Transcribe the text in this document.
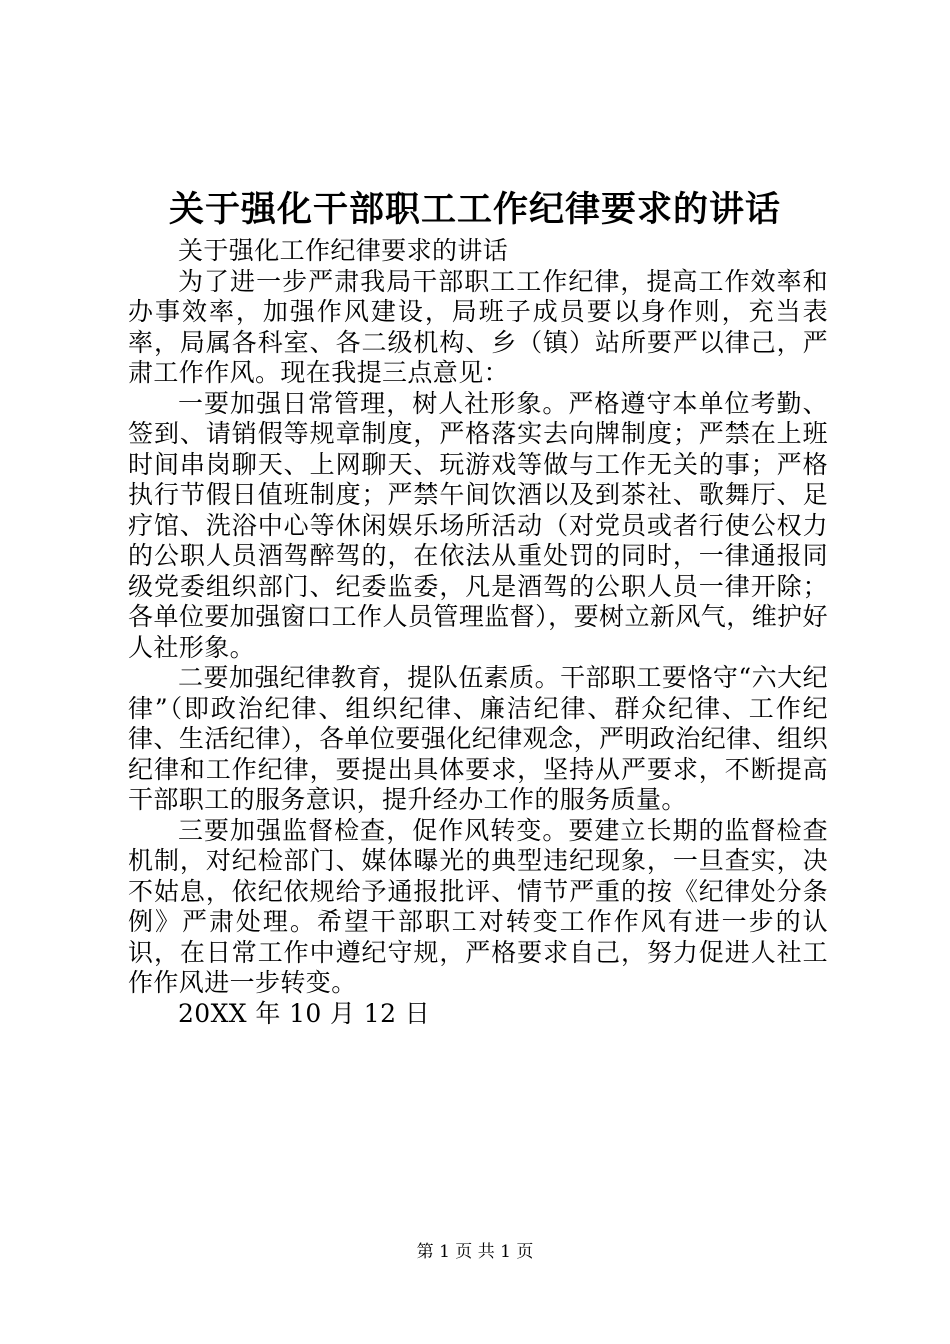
关于强化干部职工工作纪律要求的讲话

关于强化工作纪律要求的讲话

为了进一步严肃我局干部职工工作纪律，提高工作效率和办事效率，加强作风建设，局班子成员要以身作则，充当表率，局属各科室、各二级机构、乡（镇）站所要严以律己，严肃工作作风。现在我提三点意见：

一要加强日常管理，树人社形象。严格遵守本单位考勤、签到、请销假等规章制度，严格落实去向牌制度；严禁在上班时间串岗聊天、上网聊天、玩游戏等做与工作无关的事；严格执行节假日值班制度；严禁午间饮酒以及到茶社、歌舞厅、足疗馆、洗浴中心等休闲娱乐场所活动（对党员或者行使公权力的公职人员酒驾醉驾的，在依法从重处罚的同时，一律通报同级党委组织部门、纪委监委，凡是酒驾的公职人员一律开除；各单位要加强窗口工作人员管理监督），要树立新风气，维护好人社形象。

二要加强纪律教育，提队伍素质。干部职工要恪守“六大纪律”（即政治纪律、组织纪律、廉洁纪律、群众纪律、工作纪律、生活纪律），各单位要强化纪律观念，严明政治纪律、组织纪律和工作纪律，要提出具体要求，坚持从严要求，不断提高干部职工的服务意识，提升经办工作的服务质量。

三要加强监督检查，促作风转变。要建立长期的监督检查机制，对纪检部门、媒体曝光的典型违纪现象，一旦查实，决不姑息，依纪依规给予通报批评、情节严重的按《纪律处分条例》严肃处理。希望干部职工对转变工作作风有进一步的认识，在日常工作中遵纪守规，严格要求自己，努力促进人社工作作风进一步转变。

20XX 年 10 月 12 日

第 1 页 共 1 页
